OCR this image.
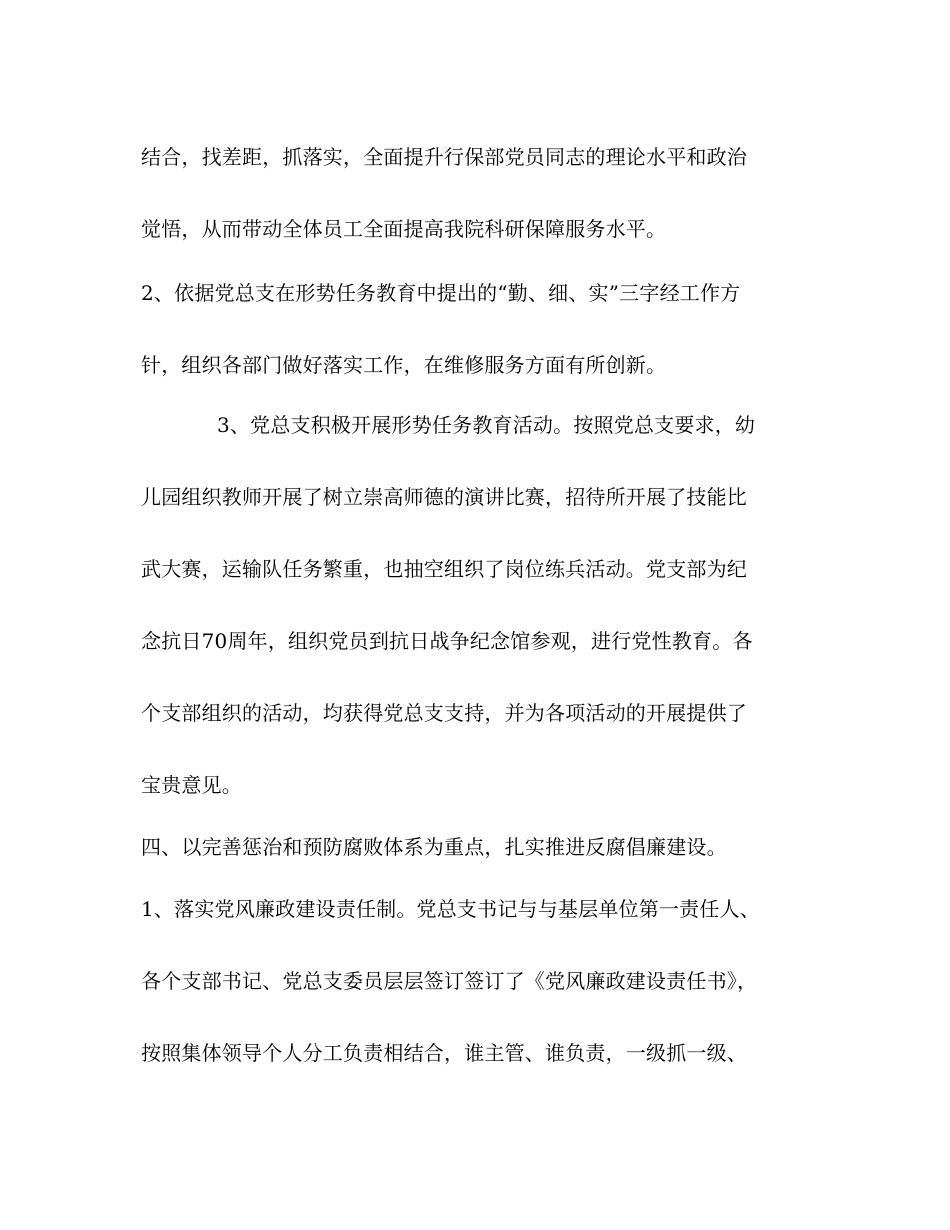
结合，找差距，抓落实，全面提升行保部党员同志的理论水平和政治
觉悟，从而带动全体员工全面提高我院科研保障服务水平。
2、依据党总支在形势任务教育中提出的“勤、细、实”三字经工作方
针，组织各部门做好落实工作，在维修服务方面有所创新。
3、党总支积极开展形势任务教育活动。按照党总支要求，幼
儿园组织教师开展了树立崇高师德的演讲比赛，招待所开展了技能比
武大赛，运输队任务繁重，也抽空组织了岗位练兵活动。党支部为纪
念抗日70周年，组织党员到抗日战争纪念馆参观，进行党性教育。各
个支部组织的活动，均获得党总支支持，并为各项活动的开展提供了
宝贵意见。
四、以完善惩治和预防腐败体系为重点，扎实推进反腐倡廉建设。
1、落实党风廉政建设责任制。党总支书记与与基层单位第一责任人、
各个支部书记、党总支委员层层签订签订了《党风廉政建设责任书》，
按照集体领导个人分工负责相结合，谁主管、谁负责，一级抓一级、
